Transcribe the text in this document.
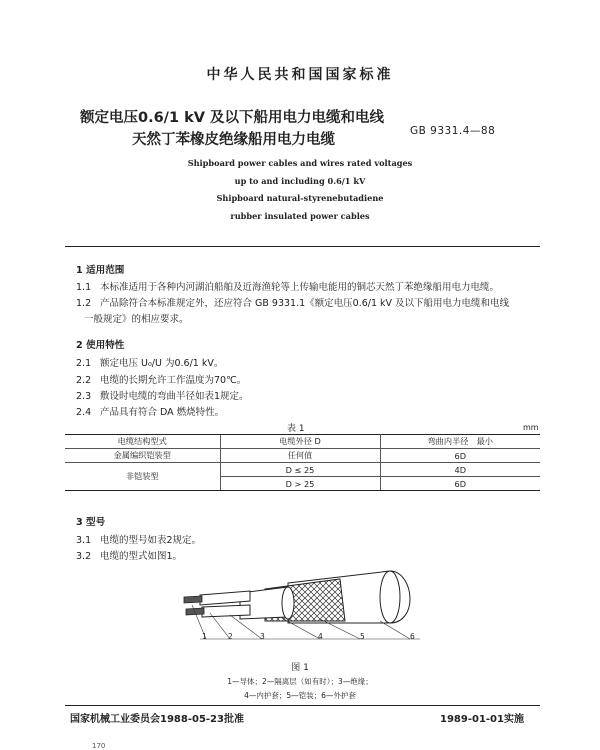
中华人民共和国国家标准
额定电压0.6/1 kV 及以下船用电力电缆和电线
天然丁苯橡皮绝缘船用电力电缆
GB 9331.4—88
Shipboard power cables and wires rated voltages
up to and including 0.6/1 kV
Shipboard natural-styrenebutadiene
rubber insulated power cables
1 适用范围
1.1 本标准适用于各种内河湖泊船舶及近海渔轮等上传输电能用的铜芯天然丁苯绝缘船用电力电缆。
1.2 产品除符合本标准规定外，还应符合 GB 9331.1《额定电压0.6/1 kV 及以下船用电力电缆和电线
一般规定》的相应要求。
2 使用特性
2.1 额定电压 U₀/U 为0.6/1 kV。
2.2 电缆的长期允许工作温度为70℃。
2.3 敷设时电缆的弯曲半径如表1规定。
2.4 产品具有符合 DA 燃烧特性。
表 1	mm
电缆结构型式	电缆外径 D	弯曲内半径　最小
金属编织铠装型	任何值	6D
非铠装型	D ≤ 25	4D
	D > 25	6D
3 型号
3.1 电缆的型号如表2规定。
3.2 电缆的型式如图1。
1	2	3	4	5	6
图 1
1—导体；2—隔离层（如有时）；3—绝缘；
4—内护套；5—铠装；6—外护套
国家机械工业委员会1988-05-23批准	1989-01-01实施
170
